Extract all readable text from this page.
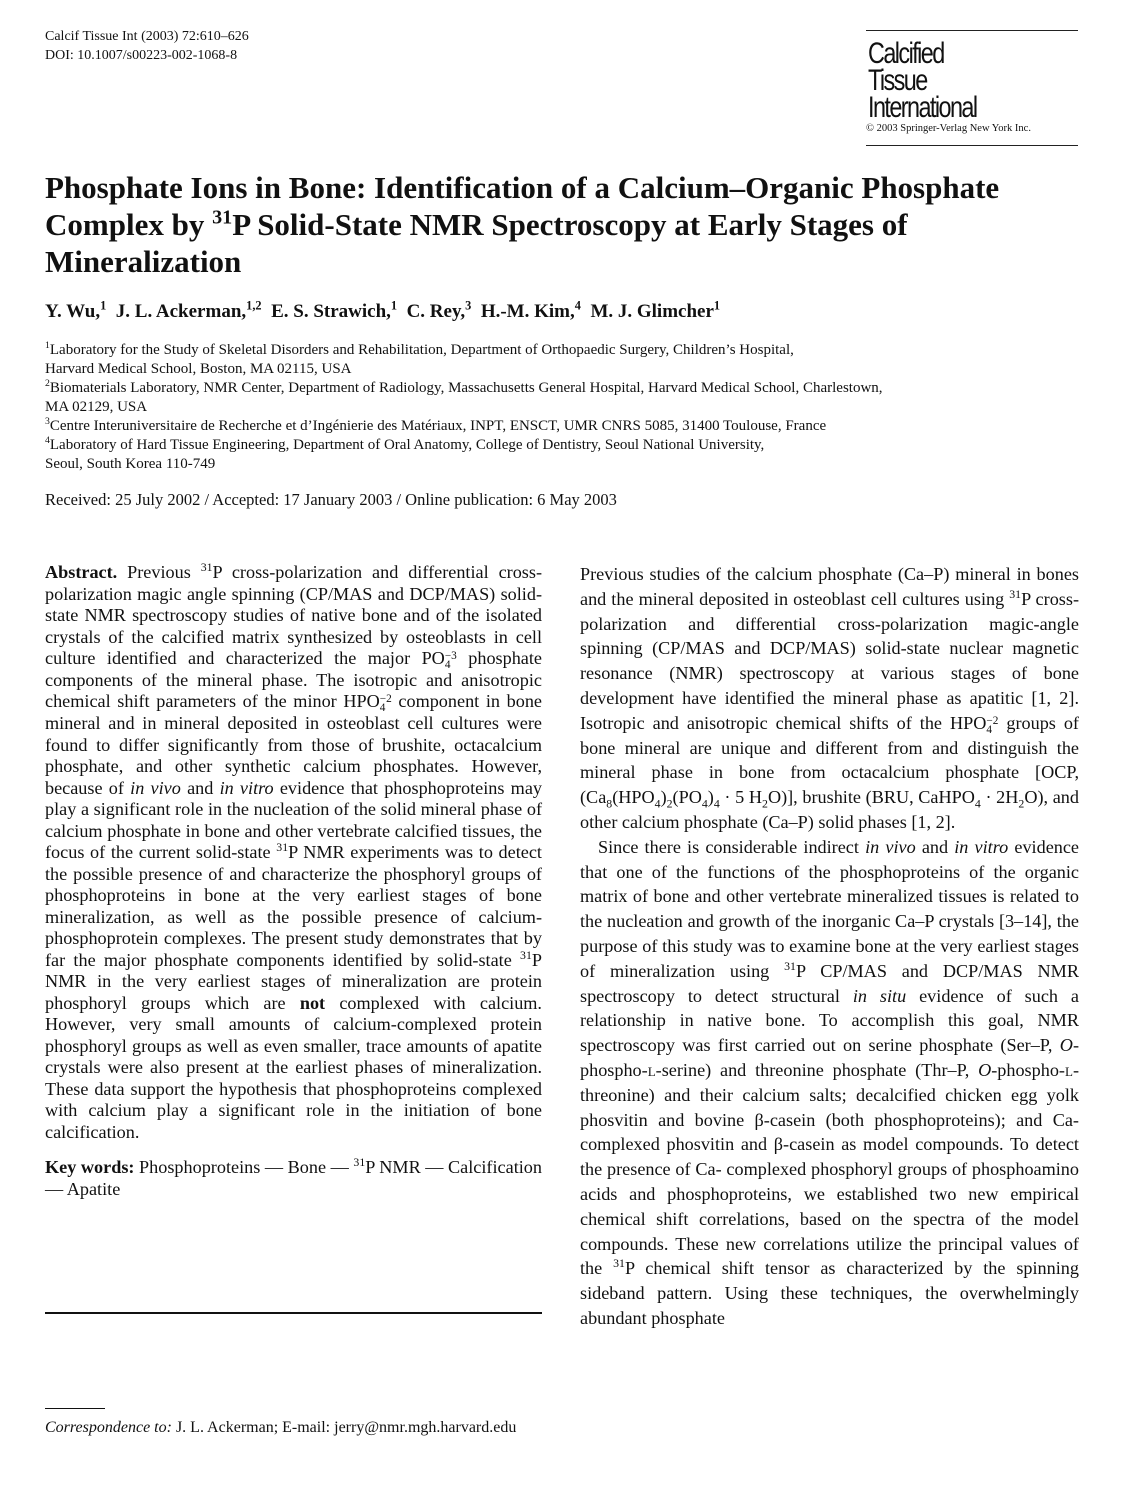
Calcif Tissue Int (2003) 72:610–626
DOI: 10.1007/s00223-002-1068-8	Calcified
Tissue
International
© 2003 Springer-Verlag New York Inc.
Phosphate Ions in Bone: Identification of a Calcium–Organic Phosphate Complex by $^{31}$P Solid-State NMR Spectroscopy at Early Stages of Mineralization
Y. Wu,$^1$ J. L. Ackerman,$^{1,2}$ E. S. Strawich,$^1$ C. Rey,$^3$ H.-M. Kim,$^4$ M. J. Glimcher$^1$

$^1$Laboratory for the Study of Skeletal Disorders and Rehabilitation, Department of Orthopaedic Surgery, Children’s Hospital,
Harvard Medical School, Boston, MA 02115, USA

$^2$Biomaterials Laboratory, NMR Center, Department of Radiology, Massachusetts General Hospital, Harvard Medical School, Charlestown,
MA 02129, USA

$^3$Centre Interuniversitaire de Recherche et d’Ingénierie des Matériaux, INPT, ENSCT, UMR CNRS 5085, 31400 Toulouse, France

$^4$Laboratory of Hard Tissue Engineering, Department of Oral Anatomy, College of Dentistry, Seoul National University,
Seoul, South Korea 110-749

Received: 25 July 2002 / Accepted: 17 January 2003 / Online publication: 6 May 2003

Abstract. Previous $^{31}$P cross-polarization and differential cross-polarization magic angle spinning (CP/MAS and DCP/MAS) solid-state NMR spectroscopy studies of native bone and of the isolated crystals of the calcified matrix synthesized by osteoblasts in cell culture identified and characterized the major PO−3
4 phosphate components of the mineral phase. The isotropic and anisotropic chemical shift parameters of the minor HPO−2
4 component in bone mineral and in mineral deposited in osteoblast cell cultures were found to differ significantly from those of brushite, octacalcium phosphate, and other synthetic calcium phosphates. However, because of in vivo and in vitro evidence that phosphoproteins may play a significant role in the nucleation of the solid mineral phase of calcium phosphate in bone and other vertebrate calcified tissues, the focus of the current solid-state $^{31}$P NMR experiments was to detect the possible presence of and characterize the phosphoryl groups of phosphoproteins in bone at the very earliest stages of bone mineralization, as well as the possible presence of calcium-phosphoprotein complexes. The present study demonstrates that by far the major phosphate components identified by solid-state $^{31}$P NMR in the very earliest stages of mineralization are protein phosphoryl groups which are not complexed with calcium. However, very small amounts of calcium-complexed protein phosphoryl groups as well as even smaller, trace amounts of apatite crystals were also present at the earliest phases of mineralization. These data support the hypothesis that phosphoproteins complexed with calcium play a significant role in the initiation of bone calcification.

Key words: Phosphoproteins — Bone — $^{31}$P NMR — Calcification — Apatite

Correspondence to: J. L. Ackerman; E-mail: jerry@nmr.mgh.harvard.edu

Previous studies of the calcium phosphate (Ca–P) mineral in bones and the mineral deposited in osteoblast cell cultures using $^{31}$P cross-polarization and differential cross-polarization magic-angle spinning (CP/MAS and DCP/MAS) solid-state nuclear magnetic resonance (NMR) spectroscopy at various stages of bone development have identified the mineral phase as apatitic [1, 2]. Isotropic and anisotropic chemical shifts of the HPO−2
4 groups of bone mineral are unique and different from and distinguish the mineral phase in bone from octacalcium phosphate [OCP, ($Ca_8(HPO_4)_2(PO_4)_4 \cdot 5$ $H_2O$)], brushite (BRU, CaHPO$_4$ · $2H_2O$), and other calcium phosphate (Ca–P) solid phases [1, 2].

Since there is considerable indirect in vivo and in vitro evidence that one of the functions of the phosphoproteins of the organic matrix of bone and other vertebrate mineralized tissues is related to the nucleation and growth of the inorganic Ca–P crystals [3–14], the purpose of this study was to examine bone at the very earliest stages of mineralization using $^{31}$P CP/MAS and DCP/MAS NMR spectroscopy to detect structural in situ evidence of such a relationship in native bone. To accomplish this goal, NMR spectroscopy was first carried out on serine phosphate (Ser–P, O-phospho-l-serine) and threonine phosphate (Thr–P, O-phospho-l-threonine) and their calcium salts; decalcified chicken egg yolk phosvitin and bovine β-casein (both phosphoproteins); and Ca-complexed phosvitin and β-casein as model compounds. To detect the presence of Ca- complexed phosphoryl groups of phosphoamino acids and phosphoproteins, we established two new empirical chemical shift correlations, based on the spectra of the model compounds. These new correlations utilize the principal values of the $^{31}$P chemical shift tensor as characterized by the spinning sideband pattern. Using these techniques, the overwhelmingly abundant phosphate
